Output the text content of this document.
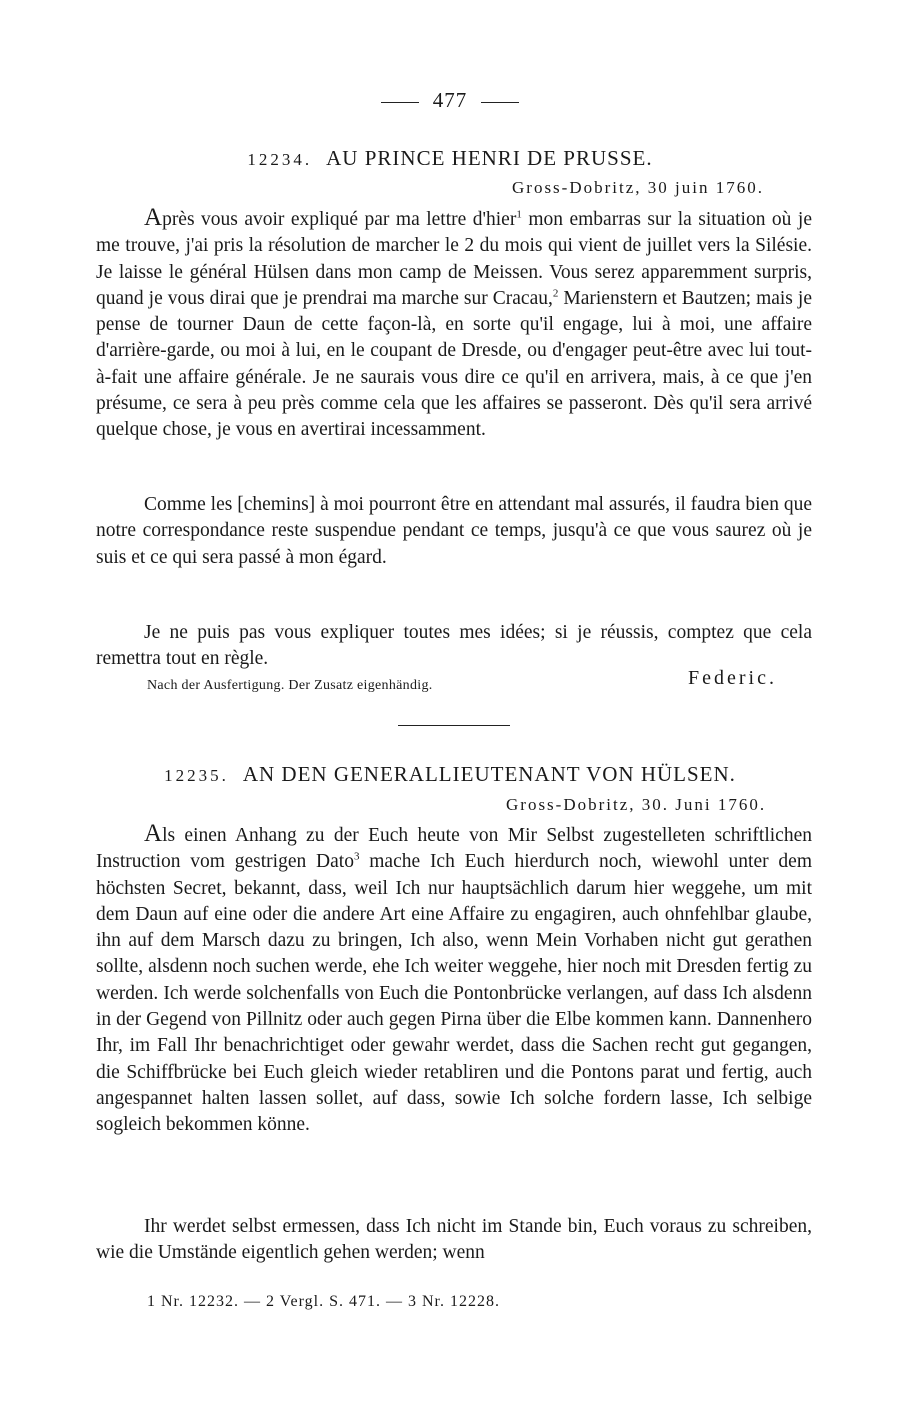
477
12234. AU PRINCE HENRI DE PRUSSE.
Gross-Dobritz, 30 juin 1760.

Après vous avoir expliqué par ma lettre d'hier$^1$ mon embarras sur la situation où je me trouve, j'ai pris la résolution de marcher le 2 du mois qui vient de juillet vers la Silésie. Je laisse le général Hülsen dans mon camp de Meissen. Vous serez apparemment surpris, quand je vous dirai que je prendrai ma marche sur Cracau,$^2$ Marienstern et Bautzen; mais je pense de tourner Daun de cette façon-là, en sorte qu'il engage, lui à moi, une affaire d'arrière-garde, ou moi à lui, en le coupant de Dresde, ou d'engager peut-être avec lui tout-à-fait une affaire générale. Je ne saurais vous dire ce qu'il en arrivera, mais, à ce que j'en présume, ce sera à peu près comme cela que les affaires se passeront. Dès qu'il sera arrivé quelque chose, je vous en avertirai incessamment.

Comme les [chemins] à moi pourront être en attendant mal assurés, il faudra bien que notre correspondance reste suspendue pendant ce temps, jusqu'à ce que vous saurez où je suis et ce qui sera passé à mon égard.

Je ne puis pas vous expliquer toutes mes idées; si je réussis, comptez que cela remettra tout en règle.

Nach der Ausfertigung. Der Zusatz eigenhändig.	Federic.
12235. AN DEN GENERALLIEUTENANT VON HÜLSEN.
Gross-Dobritz, 30. Juni 1760.

Als einen Anhang zu der Euch heute von Mir Selbst zugestelleten schriftlichen Instruction vom gestrigen Dato$^3$ mache Ich Euch hierdurch noch, wiewohl unter dem höchsten Secret, bekannt, dass, weil Ich nur hauptsächlich darum hier weggehe, um mit dem Daun auf eine oder die andere Art eine Affaire zu engagiren, auch ohnfehlbar glaube, ihn auf dem Marsch dazu zu bringen, Ich also, wenn Mein Vorhaben nicht gut gerathen sollte, alsdenn noch suchen werde, ehe Ich weiter weggehe, hier noch mit Dresden fertig zu werden. Ich werde solchenfalls von Euch die Pontonbrücke verlangen, auf dass Ich alsdenn in der Gegend von Pillnitz oder auch gegen Pirna über die Elbe kommen kann. Dannenhero Ihr, im Fall Ihr benachrichtiget oder gewahr werdet, dass die Sachen recht gut gegangen, die Schiffbrücke bei Euch gleich wieder retabliren und die Pontons parat und fertig, auch angespannet halten lassen sollet, auf dass, sowie Ich solche fordern lasse, Ich selbige sogleich bekommen könne.

Ihr werdet selbst ermessen, dass Ich nicht im Stande bin, Euch voraus zu schreiben, wie die Umstände eigentlich gehen werden; wenn

1 Nr. 12232. — 2 Vergl. S. 471. — 3 Nr. 12228.
